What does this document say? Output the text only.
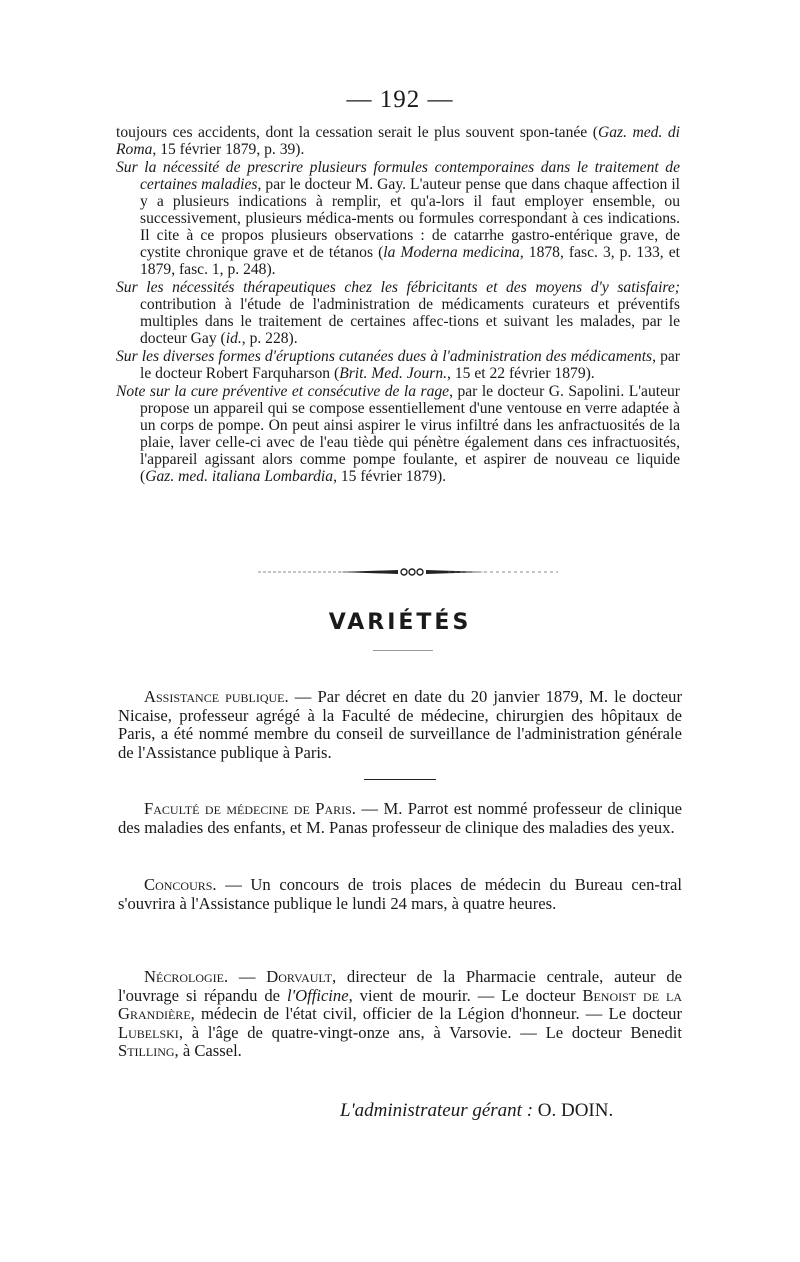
— 192 —

toujours ces accidents, dont la cessation serait le plus souvent spon-tanée (Gaz. med. di Roma, 15 février 1879, p. 39).

Sur la nécessité de prescrire plusieurs formules contemporaines dans le traitement de certaines maladies, par le docteur M. Gay. L'auteur pense que dans chaque affection il y a plusieurs indications à remplir, et qu'a-lors il faut employer ensemble, ou successivement, plusieurs médica-ments ou formules correspondant à ces indications. Il cite à ce propos plusieurs observations : de catarrhe gastro-entérique grave, de cystite chronique grave et de tétanos (la Moderna medicina, 1878, fasc. 3, p. 133, et 1879, fasc. 1, p. 248).

Sur les nécessités thérapeutiques chez les fébricitants et des moyens d'y satisfaire; contribution à l'étude de l'administration de médicaments curateurs et préventifs multiples dans le traitement de certaines affec-tions et suivant les malades, par le docteur Gay (id., p. 228).

Sur les diverses formes d'éruptions cutanées dues à l'administration des médicaments, par le docteur Robert Farquharson (Brit. Med. Journ., 15 et 22 février 1879).

Note sur la cure préventive et consécutive de la rage, par le docteur G. Sapolini. L'auteur propose un appareil qui se compose essentiellement d'une ventouse en verre adaptée à un corps de pompe. On peut ainsi aspirer le virus infiltré dans les anfractuosités de la plaie, laver celle-ci avec de l'eau tiède qui pénètre également dans ces infractuosités, l'appareil agissant alors comme pompe foulante, et aspirer de nouveau ce liquide (Gaz. med. italiana Lombardia, 15 février 1879).

VARIÉTÉS
Assistance publique. — Par décret en date du 20 janvier 1879, M. le docteur Nicaise, professeur agrégé à la Faculté de médecine, chirurgien des hôpitaux de Paris, a été nommé membre du conseil de surveillance de l'administration générale de l'Assistance publique à Paris.
Faculté de médecine de Paris. — M. Parrot est nommé professeur de clinique des maladies des enfants, et M. Panas professeur de clinique des maladies des yeux.
Concours. — Un concours de trois places de médecin du Bureau cen-tral s'ouvrira à l'Assistance publique le lundi 24 mars, à quatre heures.
Nécrologie. — Dorvault, directeur de la Pharmacie centrale, auteur de l'ouvrage si répandu de l'Officine, vient de mourir. — Le docteur Benoist de la Grandière, médecin de l'état civil, officier de la Légion d'honneur. — Le docteur Lubelski, à l'âge de quatre-vingt-onze ans, à Varsovie. — Le docteur Benedit Stilling, à Cassel.
L'administrateur gérant : O. DOIN.
